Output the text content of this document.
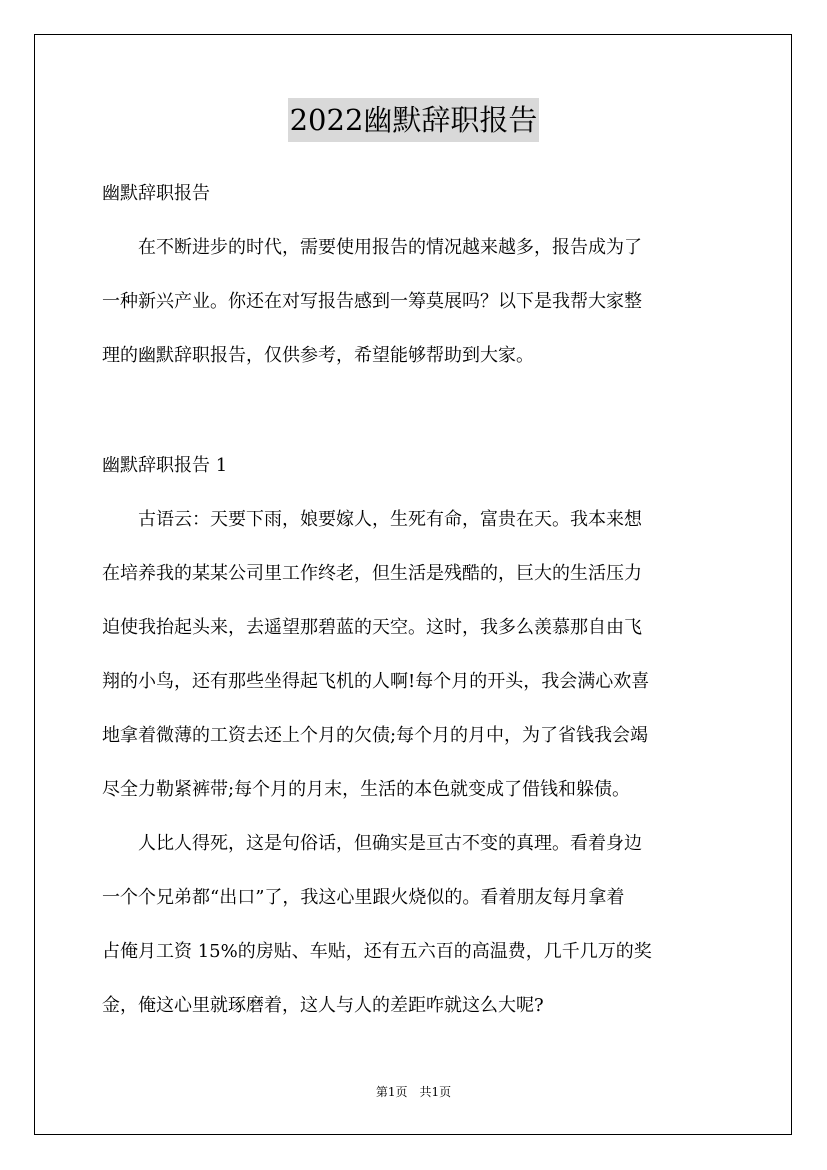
2022幽默辞职报告

幽默辞职报告

　　在不断进步的时代，需要使用报告的情况越来越多，报告成为了
一种新兴产业。你还在对写报告感到一筹莫展吗？以下是我帮大家整
理的幽默辞职报告，仅供参考，希望能够帮助到大家。

幽默辞职报告 1

　　古语云：天要下雨，娘要嫁人，生死有命，富贵在天。我本来想
在培养我的某某公司里工作终老，但生活是残酷的，巨大的生活压力
迫使我抬起头来，去遥望那碧蓝的天空。这时，我多么羡慕那自由飞
翔的小鸟，还有那些坐得起飞机的人啊!每个月的开头，我会满心欢喜
地拿着微薄的工资去还上个月的欠债;每个月的月中，为了省钱我会竭
尽全力勒紧裤带;每个月的月末，生活的本色就变成了借钱和躲债。
　　人比人得死，这是句俗话，但确实是亘古不变的真理。看着身边
一个个兄弟都“出口”了，我这心里跟火烧似的。看着朋友每月拿着
占俺月工资 15%的房贴、车贴，还有五六百的高温费，几千几万的奖
金，俺这心里就琢磨着，这人与人的差距咋就这么大呢?

第1页　共1页
